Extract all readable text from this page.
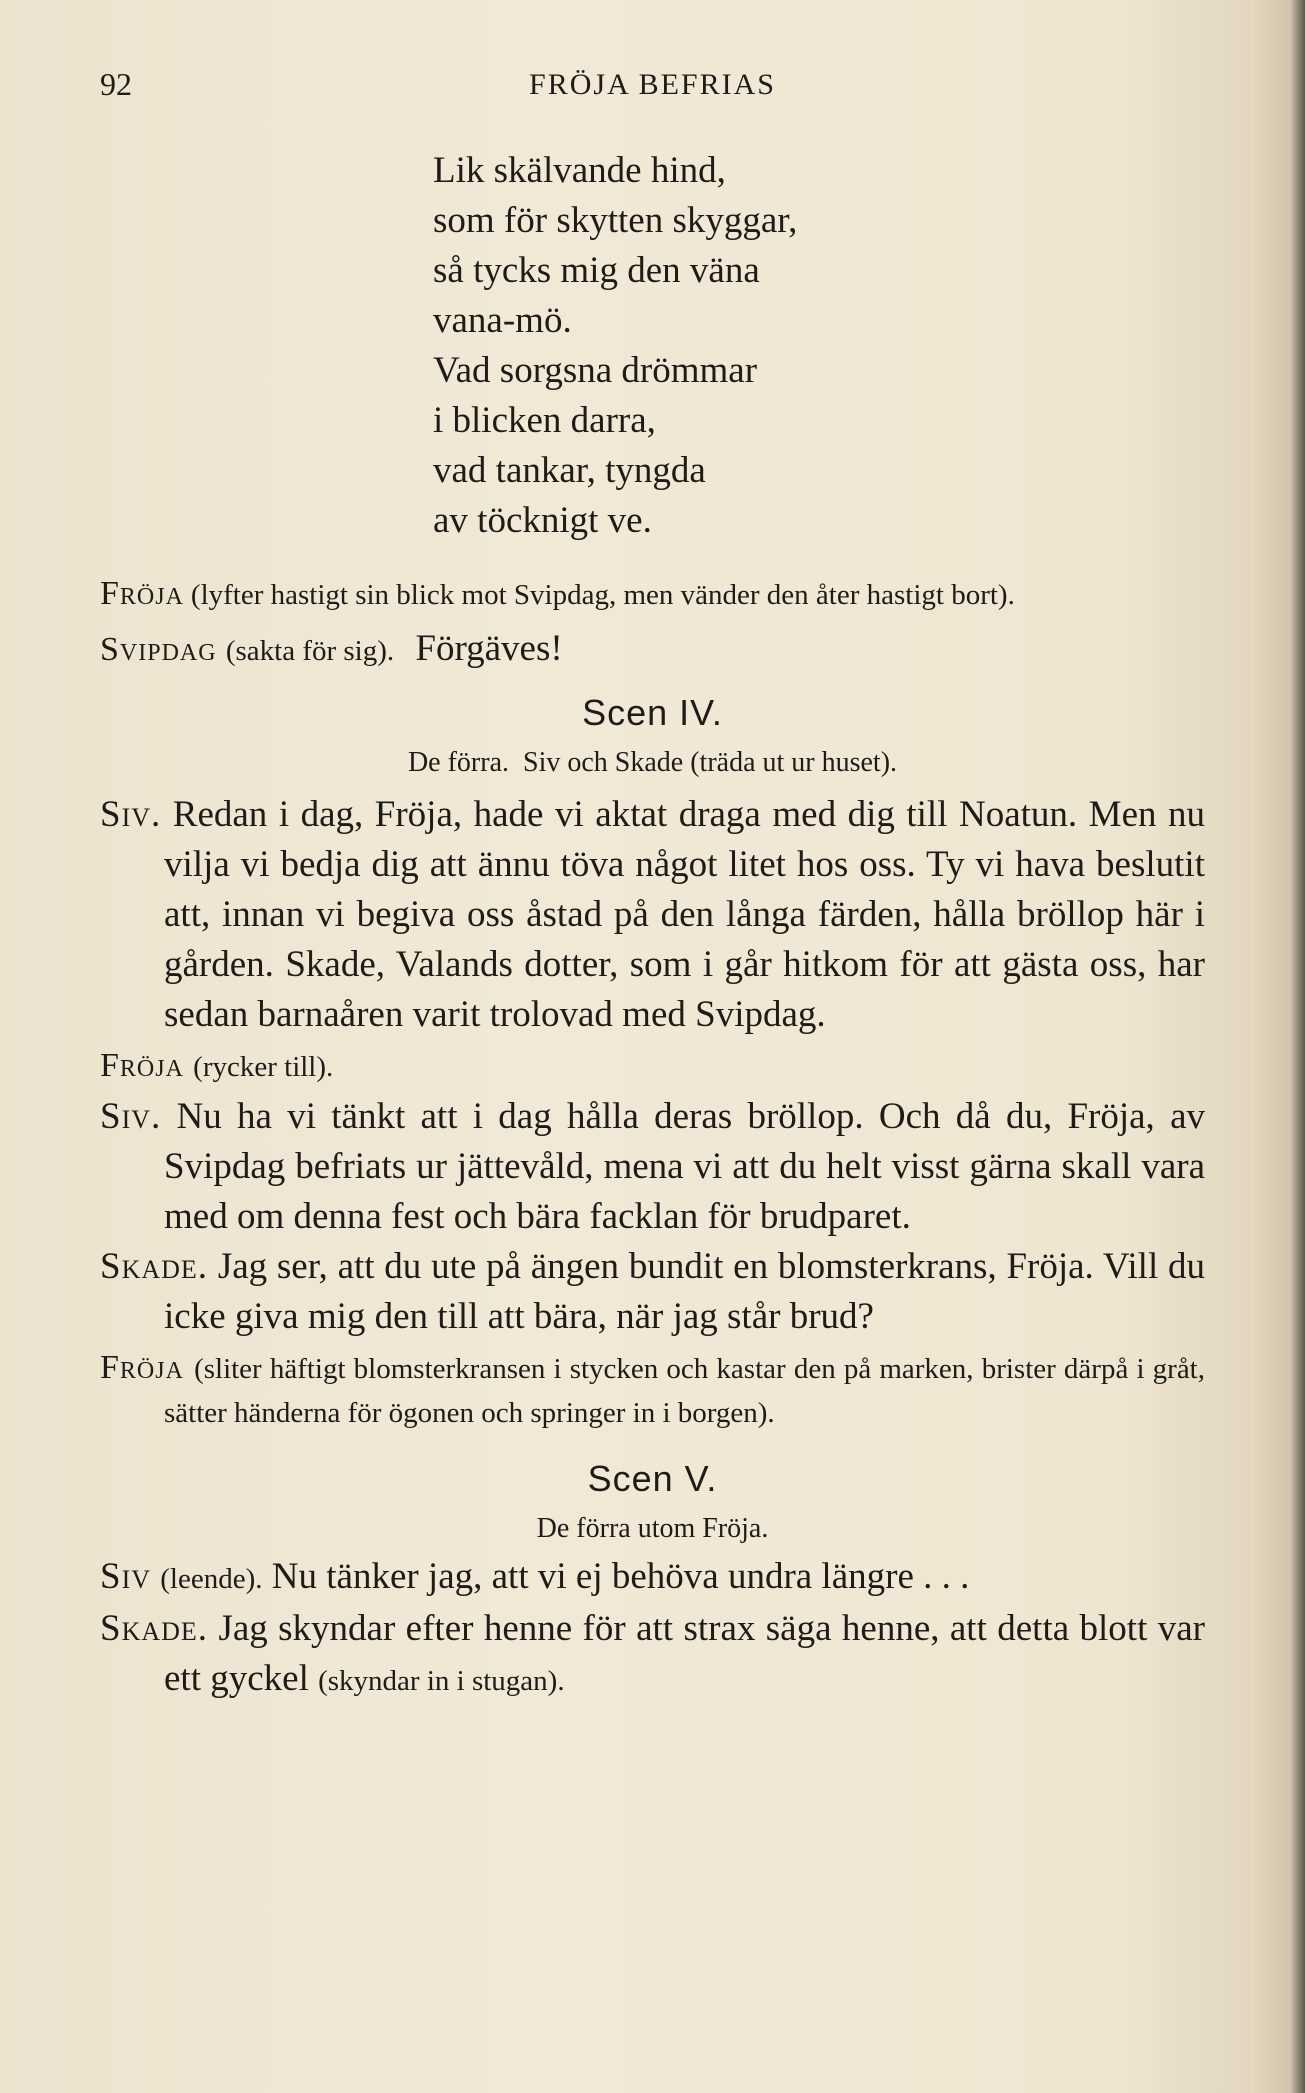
92	FRÖJA BEFRIAS
Lik skälvande hind,
som för skytten skyggar,
så tycks mig den väna
vana-mö.
Vad sorgsna drömmar
i blicken darra,
vad tankar, tyngda
av töcknigt ve.
Fröja (lyfter hastigt sin blick mot Svipdag, men vänder den åter hastigt bort).
Svipdag (sakta för sig). Förgäves!
Scen IV.
De förra.  Siv och Skade (träda ut ur huset).
Siv. Redan i dag, Fröja, hade vi aktat draga med dig till Noatun. Men nu vilja vi bedja dig att ännu töva något litet hos oss. Ty vi hava beslutit att, innan vi begiva oss åstad på den långa färden, hålla bröllop här i gården. Skade, Valands dotter, som i går hitkom för att gästa oss, har sedan barnaåren varit trolovad med Svipdag.
Fröja (rycker till).
Siv. Nu ha vi tänkt att i dag hålla deras bröllop. Och då du, Fröja, av Svipdag befriats ur jättevåld, mena vi att du helt visst gärna skall vara med om denna fest och bära facklan för brudparet.
Skade. Jag ser, att du ute på ängen bundit en blomsterkrans, Fröja. Vill du icke giva mig den till att bära, när jag står brud?
Fröja (sliter häftigt blomsterkransen i stycken och kastar den på marken, brister därpå i gråt, sätter händerna för ögonen och springer in i borgen).
Scen V.
De förra utom Fröja.
Siv (leende). Nu tänker jag, att vi ej behöva undra längre . . .
Skade. Jag skyndar efter henne för att strax säga henne, att detta blott var ett gyckel (skyndar in i stugan).
